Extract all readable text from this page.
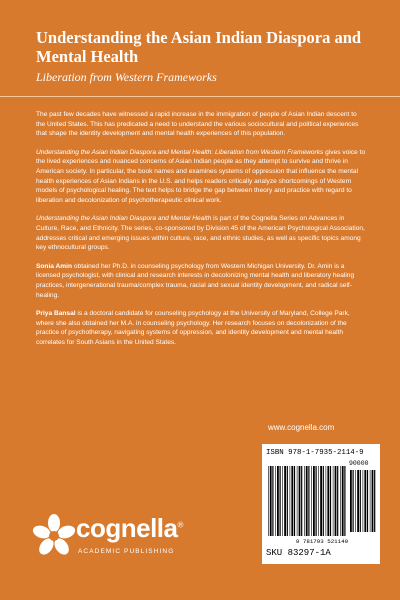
Understanding the Asian Indian Diaspora and Mental Health

Liberation from Western Frameworks

The past few decades have witnessed a rapid increase in the immigration of people of Asian Indian descent to the United States. This has predicated a need to understand the various sociocultural and political experiences that shape the identity development and mental health experiences of this population.

Understanding the Asian Indian Diaspora and Mental Health: Liberation from Western Frameworks gives voice to the lived experiences and nuanced concerns of Asian Indian people as they attempt to survive and thrive in American society. In particular, the book names and examines systems of oppression that influence the mental health experiences of Asian Indians in the U.S. and helps readers critically analyze shortcomings of Western models of psychological healing. The text helps to bridge the gap between theory and practice with regard to liberation and decolonization of psychotherapeutic clinical work.

Understanding the Asian Indian Diaspora and Mental Health is part of the Cognella Series on Advances in Culture, Race, and Ethnicity. The series, co-sponsored by Division 45 of the American Psychological Association, addresses critical and emerging issues within culture, race, and ethnic studies, as well as specific topics among key ethnocultural groups.

Sonia Amin obtained her Ph.D. in counseling psychology from Western Michigan University. Dr. Amin is a licensed psychologist, with clinical and research interests in decolonizing mental health and liberatory healing practices, intergenerational trauma/complex trauma, racial and sexual identity development, and radical self-healing.

Priya Bansal is a doctoral candidate for counseling psychology at the University of Maryland, College Park, where she also obtained her M.A. in counseling psychology. Her research focuses on decolonization of the practice of psychotherapy, navigating systems of oppression, and identity development and mental health correlates for South Asians in the United States.

www.cognella.com
cognella®
ACADEMIC PUBLISHING
ISBN 978-1-7935-2114-9
90000
9 781793 521149
SKU 83297-1A
